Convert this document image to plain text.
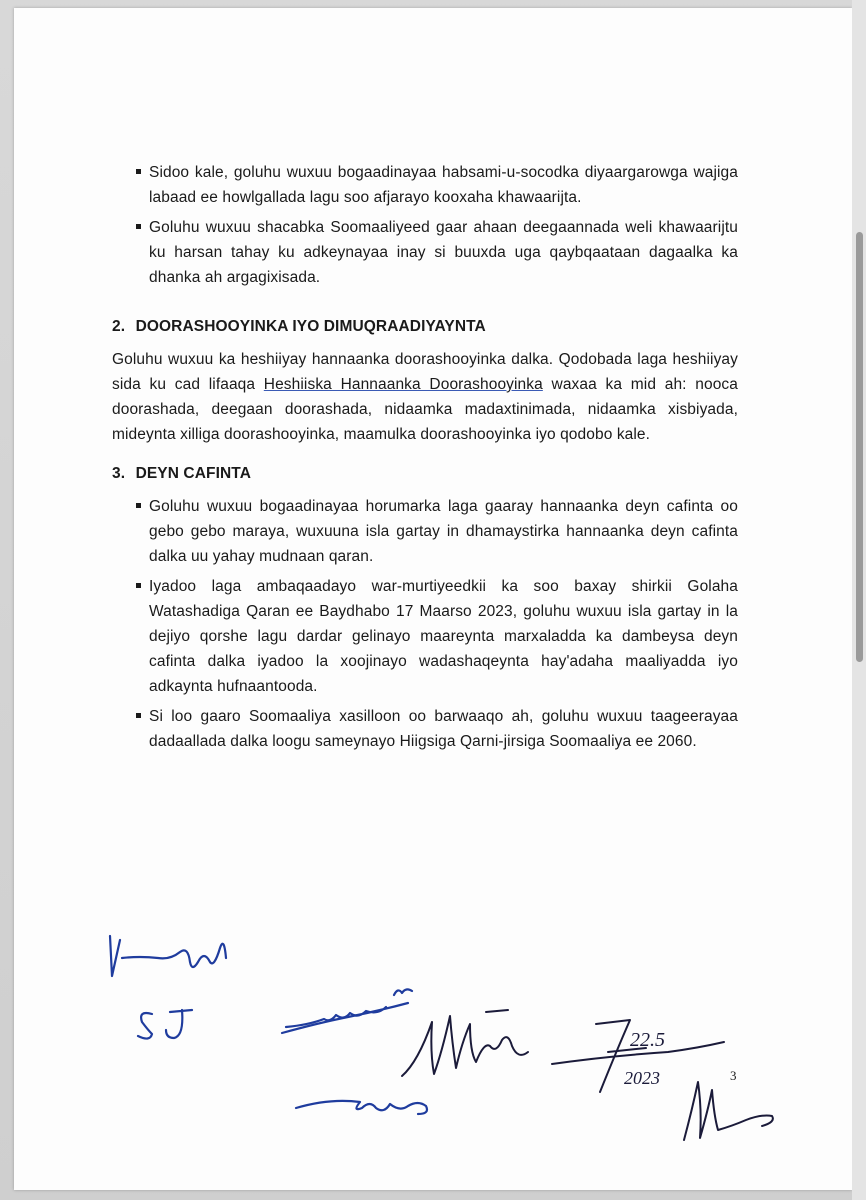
Sidoo kale, goluhu wuxuu bogaadinayaa habsami-u-socodka diyaargarowga wajiga labaad ee howlgallada lagu soo afjarayo kooxaha khawaarijta.
Goluhu wuxuu shacabka Soomaaliyeed gaar ahaan deegaannada weli khawaarijtu ku harsan tahay ku adkeynayaa inay si buuxda uga qaybqaataan dagaalka ka dhanka ah argagixisada.
2. DOORASHOOYINKA IYO DIMUQRAADIYAYNTA

Goluhu wuxuu ka heshiiyay hannaanka doorashooyinka dalka. Qodobada laga heshiiyay sida ku cad lifaaqa Heshiiska Hannaanka Doorashooyinka waxaa ka mid ah: nooca doorashada, deegaan doorashada, nidaamka madaxtinimada, nidaamka xisbiyada, mideynta xilliga doorashooyinka, maamulka doorashooyinka iyo qodobo kale.

3. DEYN CAFINTA
Goluhu wuxuu bogaadinayaa horumarka laga gaaray hannaanka deyn cafinta oo gebo gebo maraya, wuxuuna isla gartay in dhamaystirka hannaanka deyn cafinta dalka uu yahay mudnaan qaran.
Iyadoo laga ambaqaadayo war-murtiyeedkii ka soo baxay shirkii Golaha Watashadiga Qaran ee Baydhabo 17 Maarso 2023, goluhu wuxuu isla gartay in la dejiyo qorshe lagu dardar gelinayo maareynta marxaladda ka dambeysa deyn cafinta dalka iyadoo la xoojinayo wadashaqeynta hay'adaha maaliyadda iyo adkaynta hufnaantooda.
Si loo gaaro Soomaaliya xasilloon oo barwaaqo ah, goluhu wuxuu taageerayaa dadaallada dalka loogu sameynayo Hiigsiga Qarni-jirsiga Soomaaliya ee 2060.
22.5
2023	3
